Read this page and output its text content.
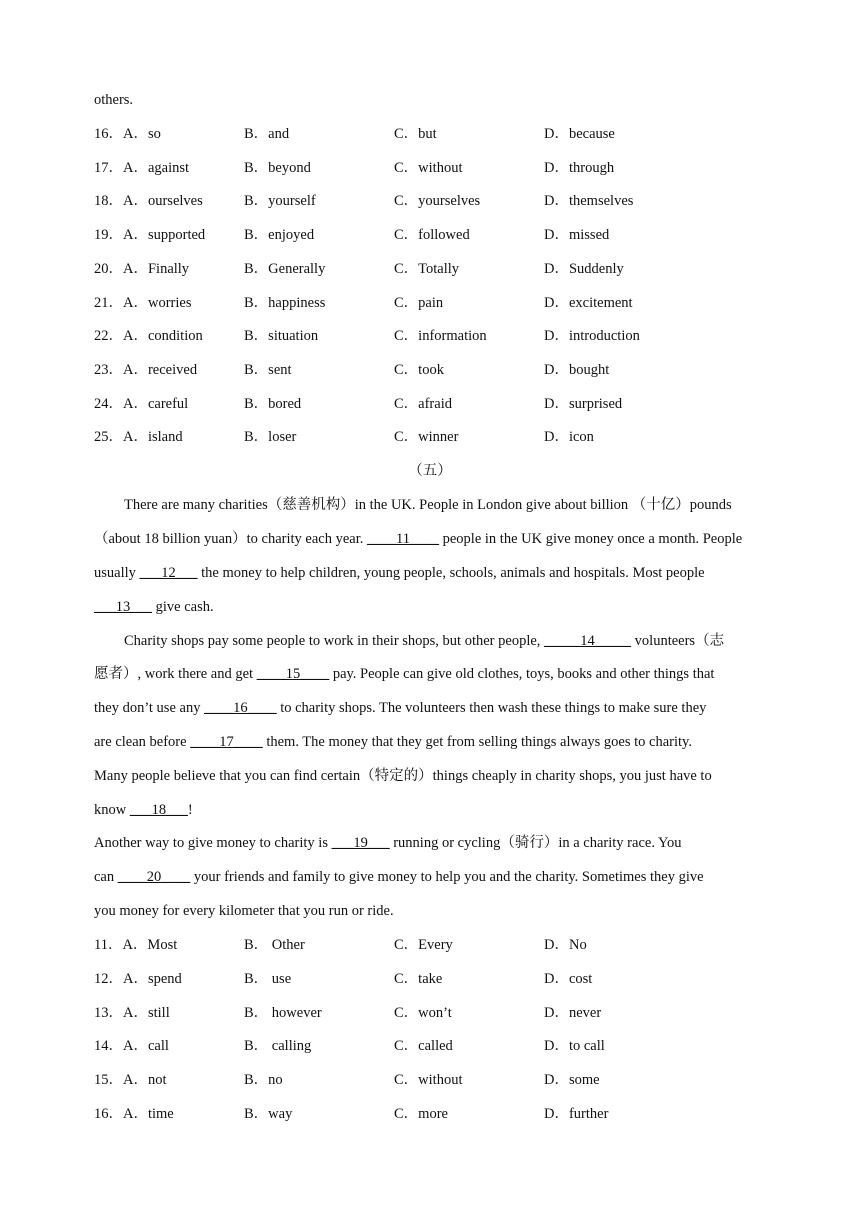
others.
16．A．so	B．and	C．but	D．because
17．A．against	B．beyond	C．without	D．through
18．A．ourselves	B．yourself	C．yourselves	D．themselves
19．A．supported	B．enjoyed	C．followed	D．missed
20．A．Finally	B．Generally	C．Totally	D．Suddenly
21．A．worries	B．happiness	C．pain	D．excitement
22．A．condition	B．situation	C．information	D．introduction
23．A．received	B．sent	C．took	D．bought
24．A．careful	B．bored	C．afraid	D．surprised
25．A．island	B．loser	C．winner	D．icon
（五）
There are many charities（慈善机构）in the UK. People in London give about billion （十亿）pounds
（about 18 billion yuan）to charity each year. ____11____ people in the UK give money once a month. People
usually ___12___ the money to help children, young people, schools, animals and hospitals. Most people
___13___ give cash.
Charity shops pay some people to work in their shops, but other people, _____14_____ volunteers（志
愿者）, work there and get ____15____ pay. People can give old clothes, toys, books and other things that
they don’t use any ____16____ to charity shops. The volunteers then wash these things to make sure they
are clean before ____17____ them. The money that they get from selling things always goes to charity.
Many people believe that you can find certain（特定的）things cheaply in charity shops, you just have to
know ___18___!
Another way to give money to charity is ___19___ running or cycling（骑行）in a charity race. You
can ____20____ your friends and family to give money to help you and the charity. Sometimes they give
you money for every kilometer that you run or ride.
11．A．Most	B． Other	C．Every	D．No
12．A．spend	B． use	C．take	D．cost
13．A．still	B． however	C．won’t	D．never
14．A．call	B． calling	C．called	D．to call
15．A．not	B．no	C．without	D．some
16．A．time	B．way	C．more	D．further
